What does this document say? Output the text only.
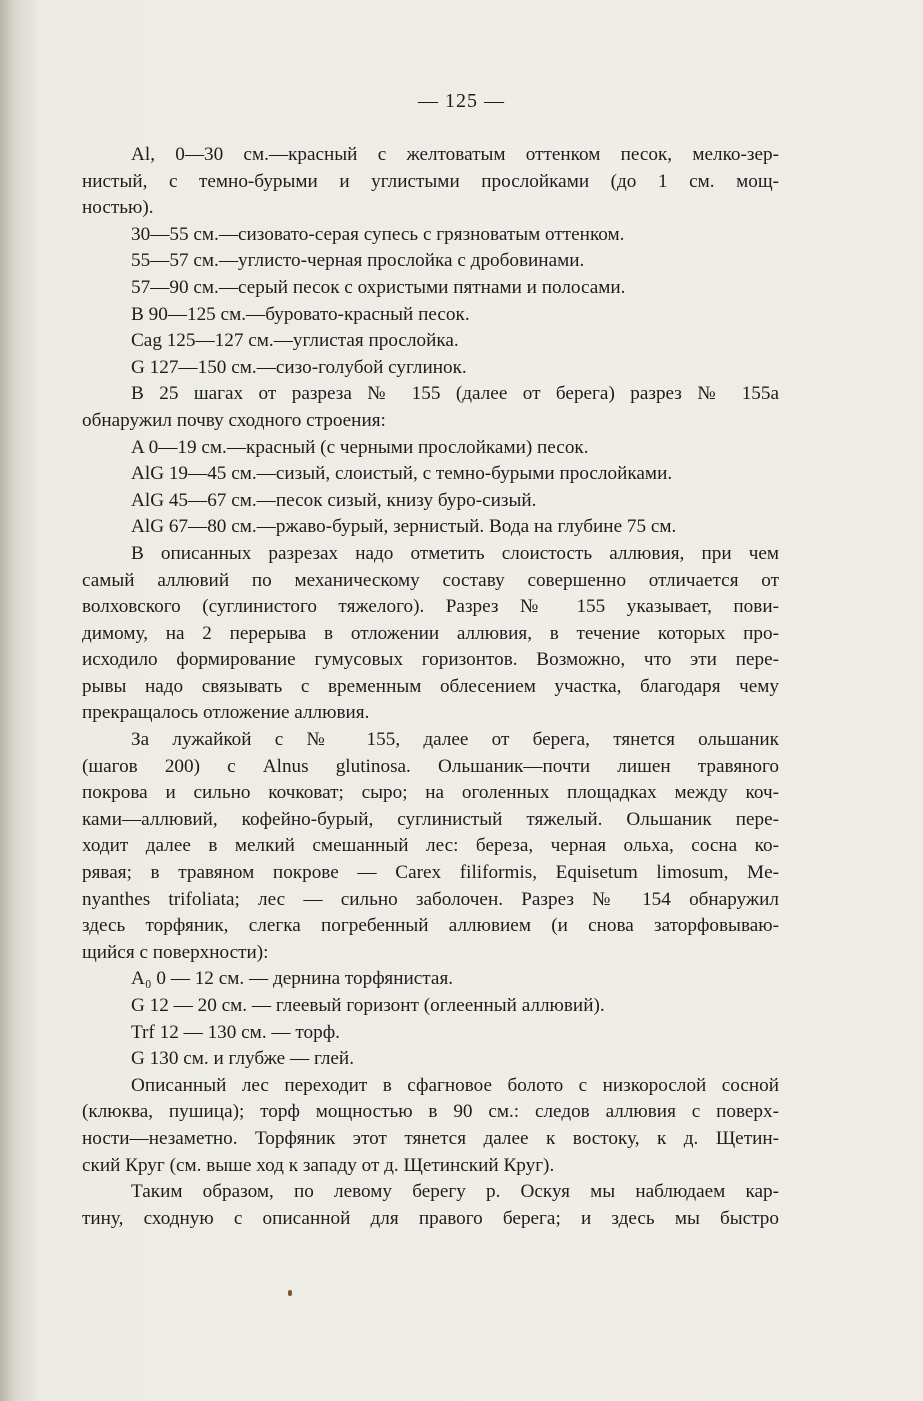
— 125 —
Al, 0—30 см.—красный с желтоватым оттенком песок, мелко-зер-
нистый, с темно-бурыми и углистыми прослойками (до 1 см. мощ-
ностью).
30—55 см.—сизовато-серая супесь с грязноватым оттенком.
55—57 см.—углисто-черная прослойка с дробовинами.
57—90 см.—серый песок с охристыми пятнами и полосами.
B 90—125 см.—буровато-красный песок.
Cag 125—127 см.—углистая прослойка.
G 127—150 см.—сизо-голубой суглинок.
В 25 шагах от разреза № 155 (далее от берега) разрез № 155а
обнаружил почву сходного строения:
A 0—19 см.—красный (с черными прослойками) песок.
AlG 19—45 см.—сизый, слоистый, с темно-бурыми прослойками.
AlG 45—67 см.—песок сизый, книзу буро-сизый.
AlG 67—80 см.—ржаво-бурый, зернистый. Вода на глубине 75 см.
В описанных разрезах надо отметить слоистость аллювия, при чем
самый аллювий по механическому составу совершенно отличается от
волховского (суглинистого тяжелого). Разрез № 155 указывает, пови-
димому, на 2 перерыва в отложении аллювия, в течение которых про-
исходило формирование гумусовых горизонтов. Возможно, что эти пере-
рывы надо связывать с временным облесением участка, благодаря чему
прекращалось отложение аллювия.
За лужайкой с № 155, далее от берега, тянется ольшаник
(шагов 200) с Alnus glutinosa. Ольшаник—почти лишен травяного
покрова и сильно кочковат; сыро; на оголенных площадках между коч-
ками—аллювий, кофейно-бурый, суглинистый тяжелый. Ольшаник пере-
ходит далее в мелкий смешанный лес: береза, черная ольха, сосна ко-
рявая; в травяном покрове — Carex filiformis, Equisetum limosum, Me-
nyanthes trifoliata; лес — сильно заболочен. Разрез № 154 обнаружил
здесь торфяник, слегка погребенный аллювием (и снова заторфовываю-
щийся с поверхности):
A₀ 0 — 12 см. — дернина торфянистая.
G 12 — 20 см. — глеевый горизонт (оглеенный аллювий).
Trf 12 — 130 см. — торф.
G 130 см. и глубже — глей.
Описанный лес переходит в сфагновое болото с низкорослой сосной
(клюква, пушица); торф мощностью в 90 см.: следов аллювия с поверх-
ности—незаметно. Торфяник этот тянется далее к востоку, к д. Щетин-
ский Круг (см. выше ход к западу от д. Щетинский Круг).
Таким образом, по левому берегу р. Оскуя мы наблюдаем кар-
тину, сходную с описанной для правого берега; и здесь мы быстро
